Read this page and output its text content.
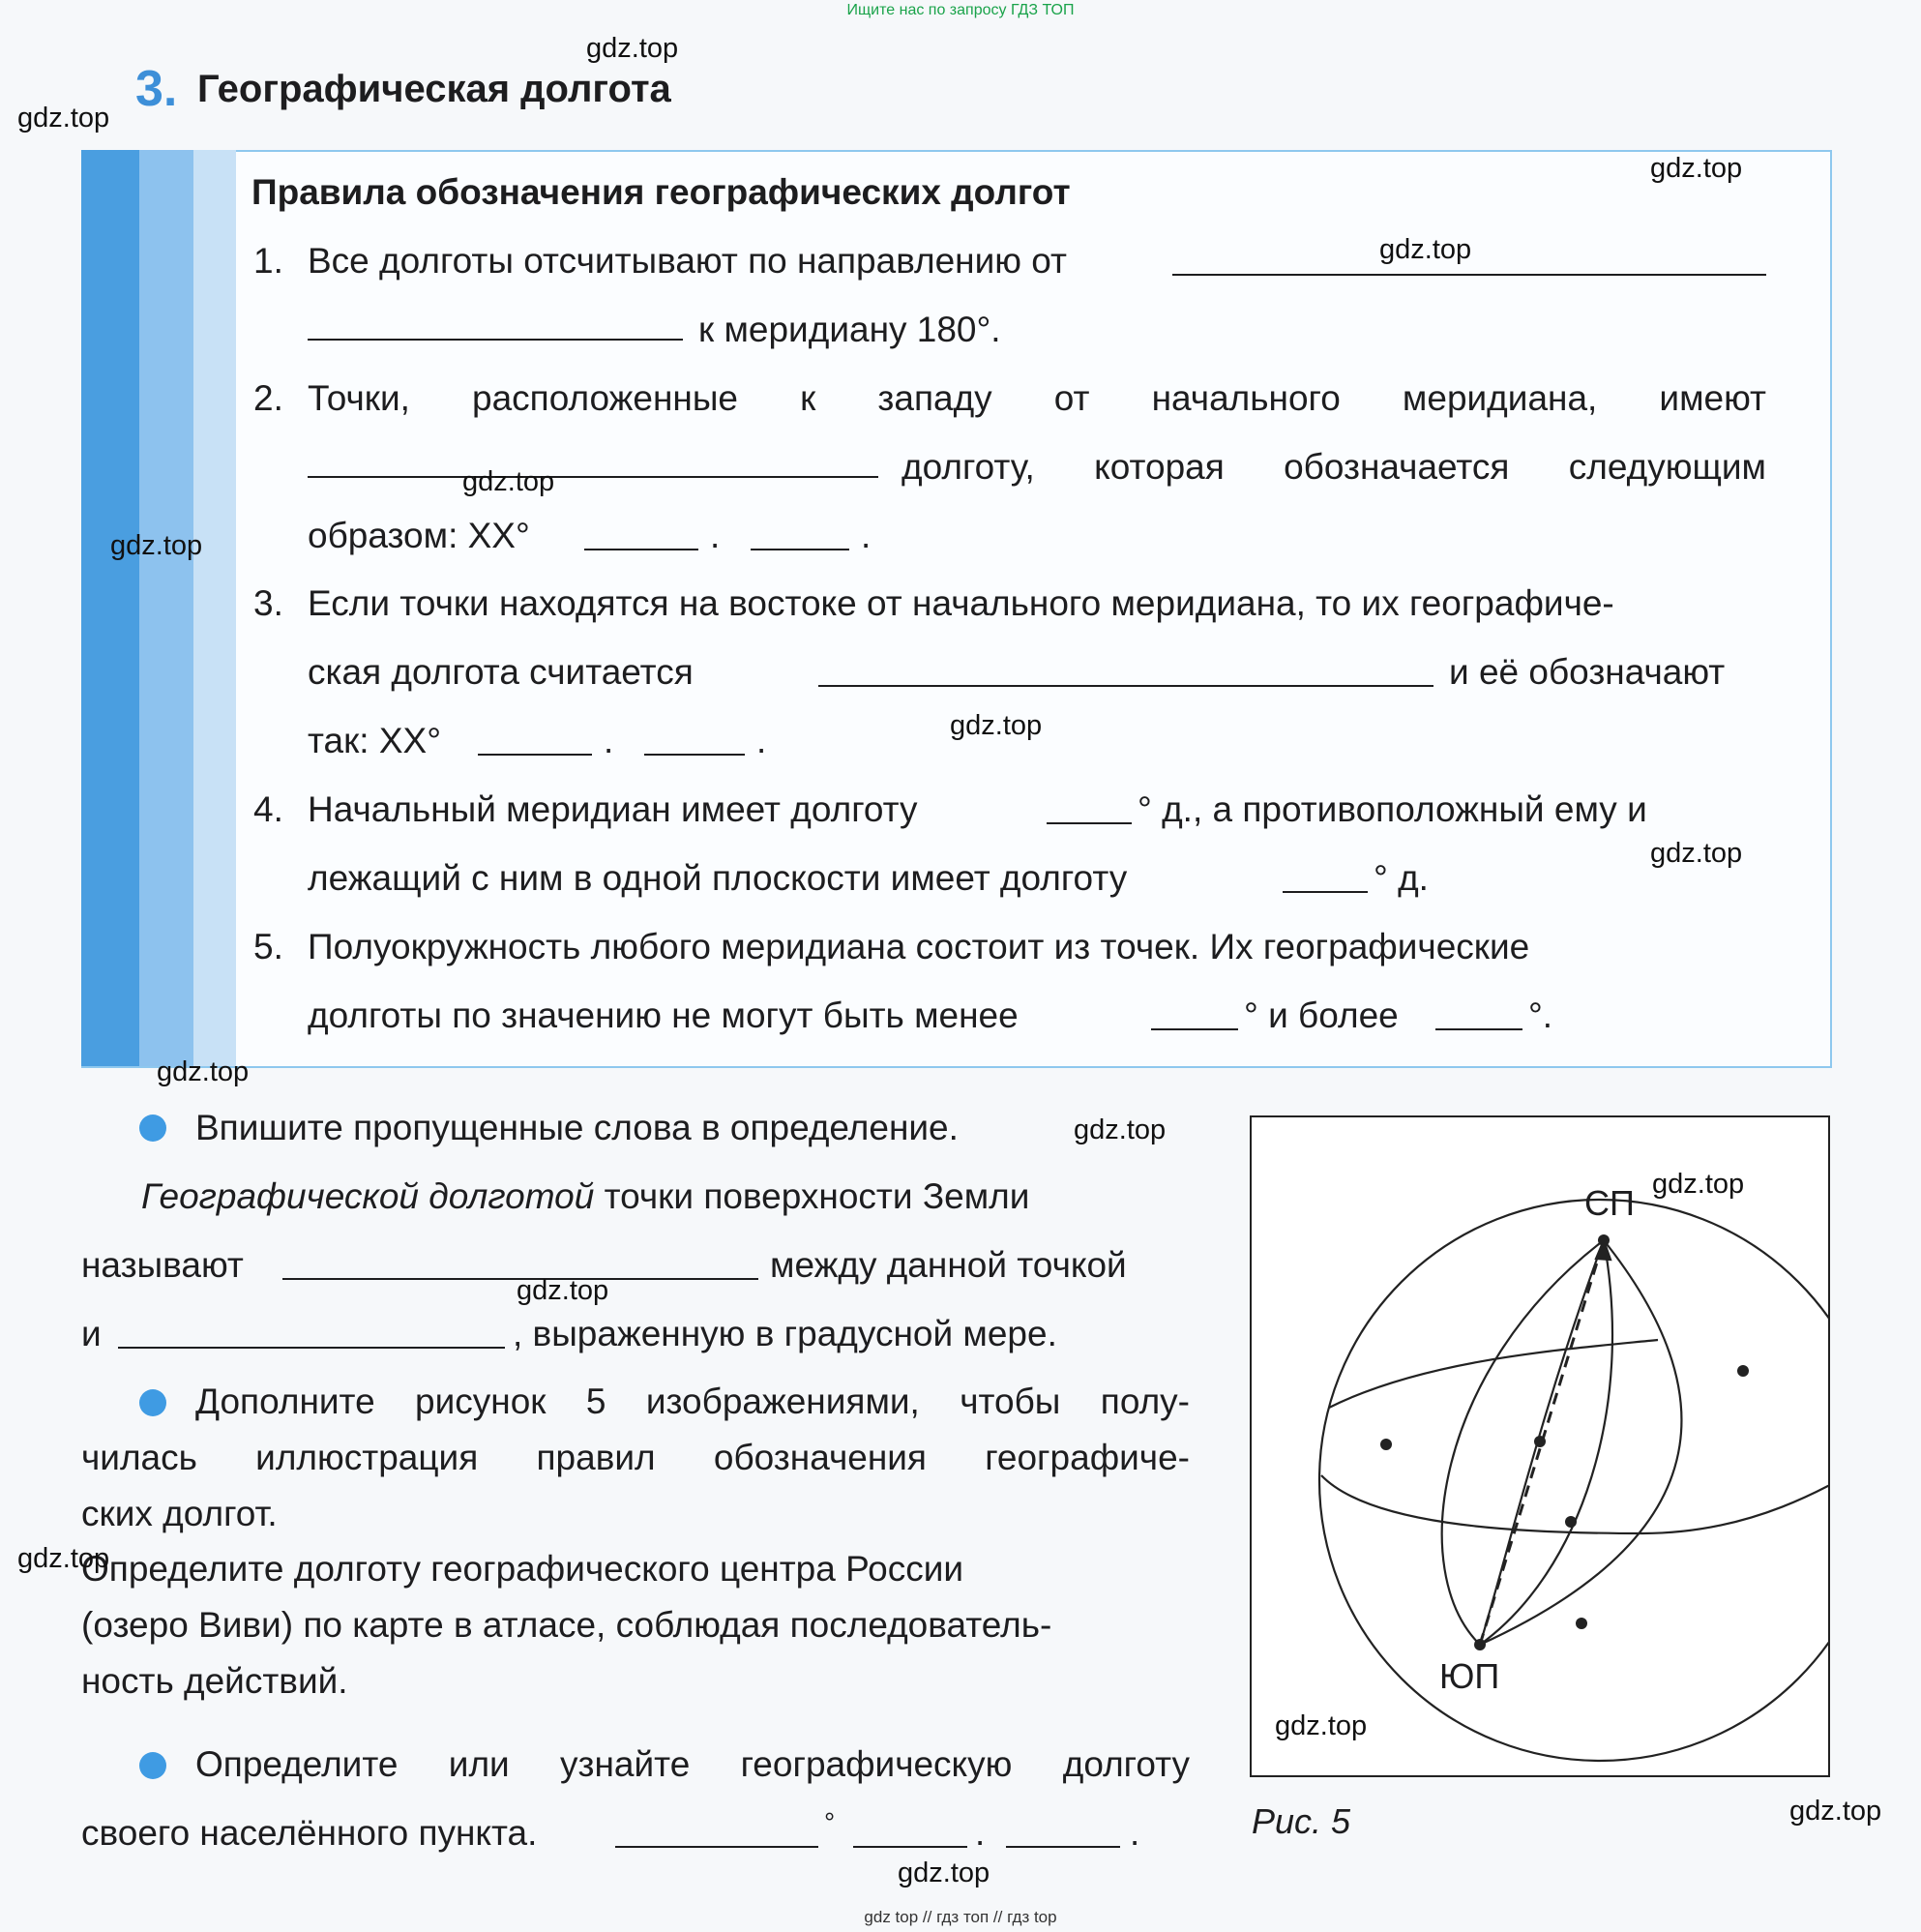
Ищите нас по запросу ГДЗ ТОП
3. Географическая долгота
Правила обозначения географических долгот
1. Все долготы отсчитывают по направлению от
к меридиану 180°.
2. Точки, расположенные к западу от начального меридиана, имеют
долготу, которая обозначается следующим
образом: XX°	.	.
3. Если точки находятся на востоке от начального меридиана, то их географиче-
ская долгота считается	и её обозначают
так: XX°	.	.
4. Начальный меридиан имеет долготу	° д., а противоположный ему и
лежащий с ним в одной плоскости имеет долготу	° д.
5. Полуокружность любого меридиана состоит из точек. Их географические
долготы по значению не могут быть менее	° и более	°.
Впишите пропущенные слова в определение.
Географической долготой точки поверхности Земли
называют	между данной точкой
и	, выраженную в градусной мере.
Дополните рисунок 5 изображениями, чтобы полу-
чилась иллюстрация правил обозначения географиче-
ских долгот.
Определите долготу географического центра России
(озеро Виви) по карте в атласе, соблюдая последователь-
ность действий.
Определите или узнайте географическую долготу
своего населённого пункта.	°	.	.
СП
ЮП
Рис. 5
gdz.top
gdz.top
gdz.top
gdz.top
gdz.top
gdz.top
gdz.top
gdz.top
gdz.top
gdz.top
gdz.top
gdz.top
gdz.top
gdz.top
gdz.top
gdz.top
gdz top // гдз топ // гдз top
